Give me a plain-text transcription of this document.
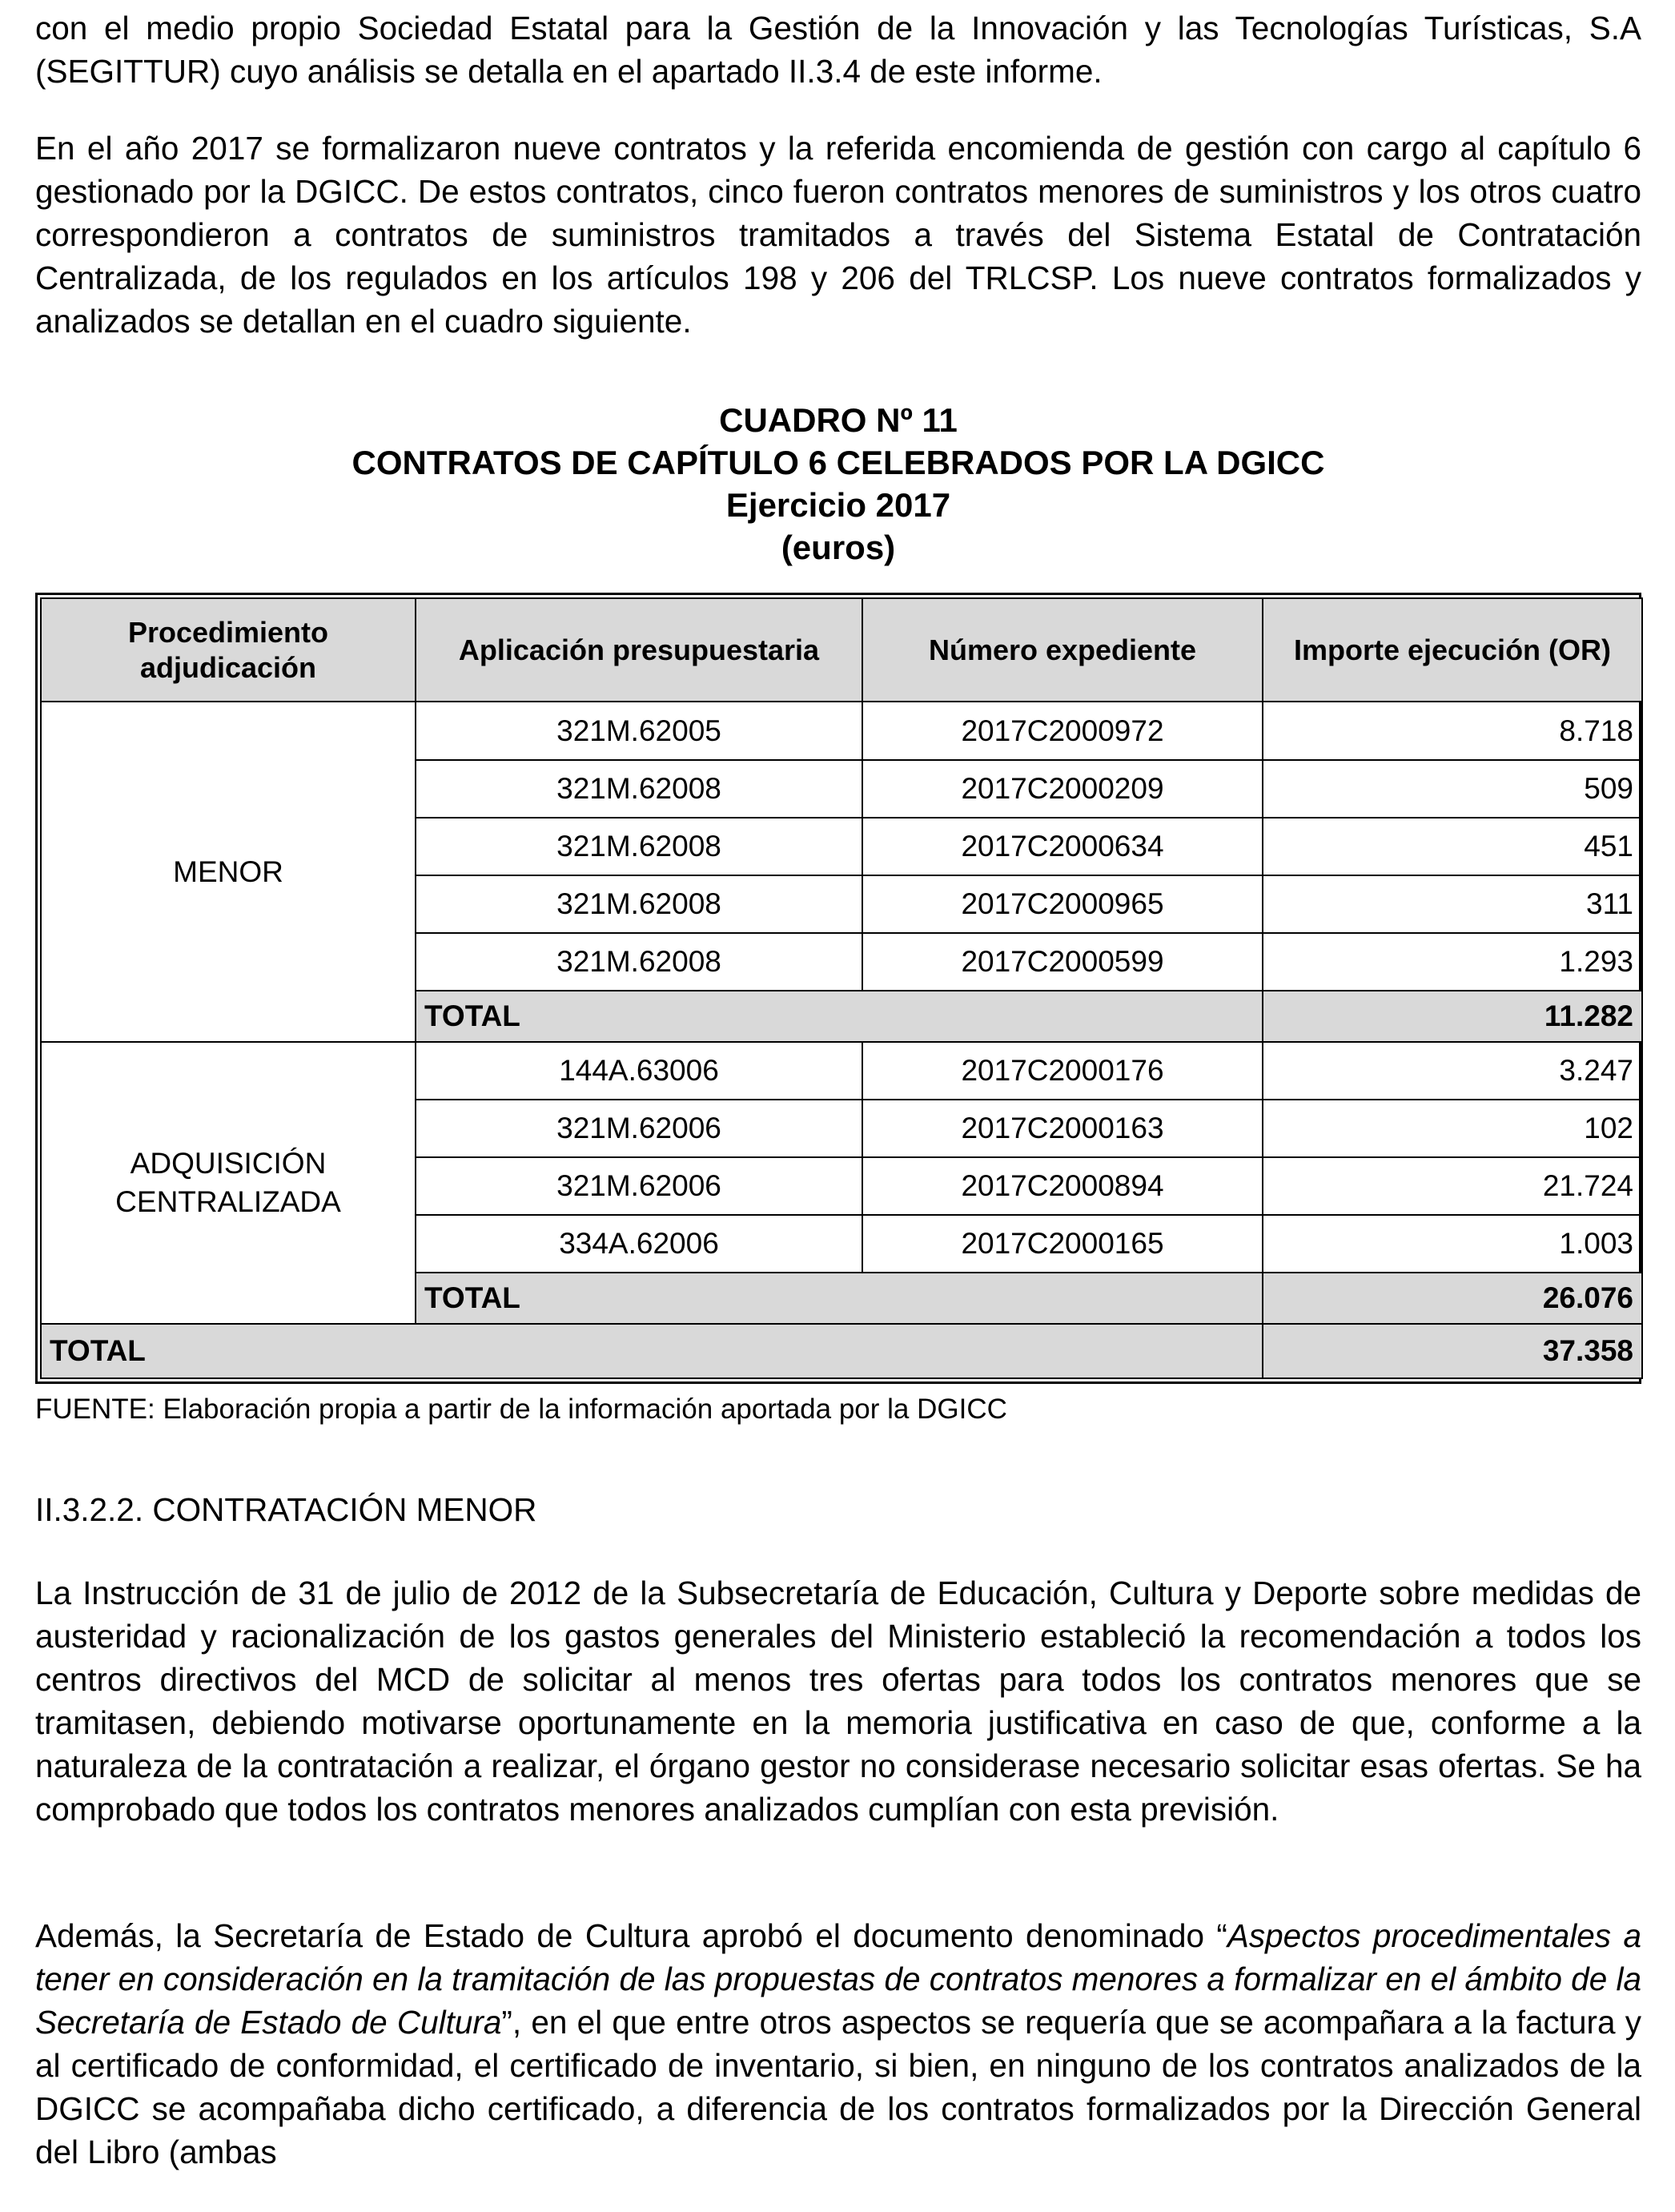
con el medio propio Sociedad Estatal para la Gestión de la Innovación y las Tecnologías Turísticas, S.A (SEGITTUR) cuyo análisis se detalla en el apartado II.3.4 de este informe.

En el año 2017 se formalizaron nueve contratos y la referida encomienda de gestión con cargo al capítulo 6 gestionado por la DGICC. De estos contratos, cinco fueron contratos menores de suministros y los otros cuatro correspondieron a contratos de suministros tramitados a través del Sistema Estatal de Contratación Centralizada, de los regulados en los artículos 198 y 206 del TRLCSP. Los nueve contratos formalizados y analizados se detallan en el cuadro siguiente.

CUADRO Nº 11
CONTRATOS DE CAPÍTULO 6 CELEBRADOS POR LA DGICC
Ejercicio 2017
(euros)
Procedimiento adjudicación	Aplicación presupuestaria	Número expediente	Importe ejecución (OR)
MENOR	321M.62005	2017C2000972	8.718
	321M.62008	2017C2000209	509
	321M.62008	2017C2000634	451
	321M.62008	2017C2000965	311
	321M.62008	2017C2000599	1.293
	TOTAL		11.282

ADQUISICIÓN
CENTRALIZADA	144A.63006	2017C2000176	3.247
	321M.62006	2017C2000163	102
	321M.62006	2017C2000894	21.724
	334A.62006	2017C2000165	1.003
	TOTAL		26.076
TOTAL			37.358
FUENTE: Elaboración propia a partir de la información aportada por la DGICC
II.3.2.2. CONTRATACIÓN MENOR

La Instrucción de 31 de julio de 2012 de la Subsecretaría de Educación, Cultura y Deporte sobre medidas de austeridad y racionalización de los gastos generales del Ministerio estableció la recomendación a todos los centros directivos del MCD de solicitar al menos tres ofertas para todos los contratos menores que se tramitasen, debiendo motivarse oportunamente en la memoria justificativa en caso de que, conforme a la naturaleza de la contratación a realizar, el órgano gestor no considerase necesario solicitar esas ofertas. Se ha comprobado que todos los contratos menores analizados cumplían con esta previsión.

Además, la Secretaría de Estado de Cultura aprobó el documento denominado “Aspectos procedimentales a tener en consideración en la tramitación de las propuestas de contratos menores a formalizar en el ámbito de la Secretaría de Estado de Cultura”, en el que entre otros aspectos se requería que se acompañara a la factura y al certificado de conformidad, el certificado de inventario, si bien, en ninguno de los contratos analizados de la DGICC se acompañaba dicho certificado, a diferencia de los contratos formalizados por la Dirección General del Libro (ambas
